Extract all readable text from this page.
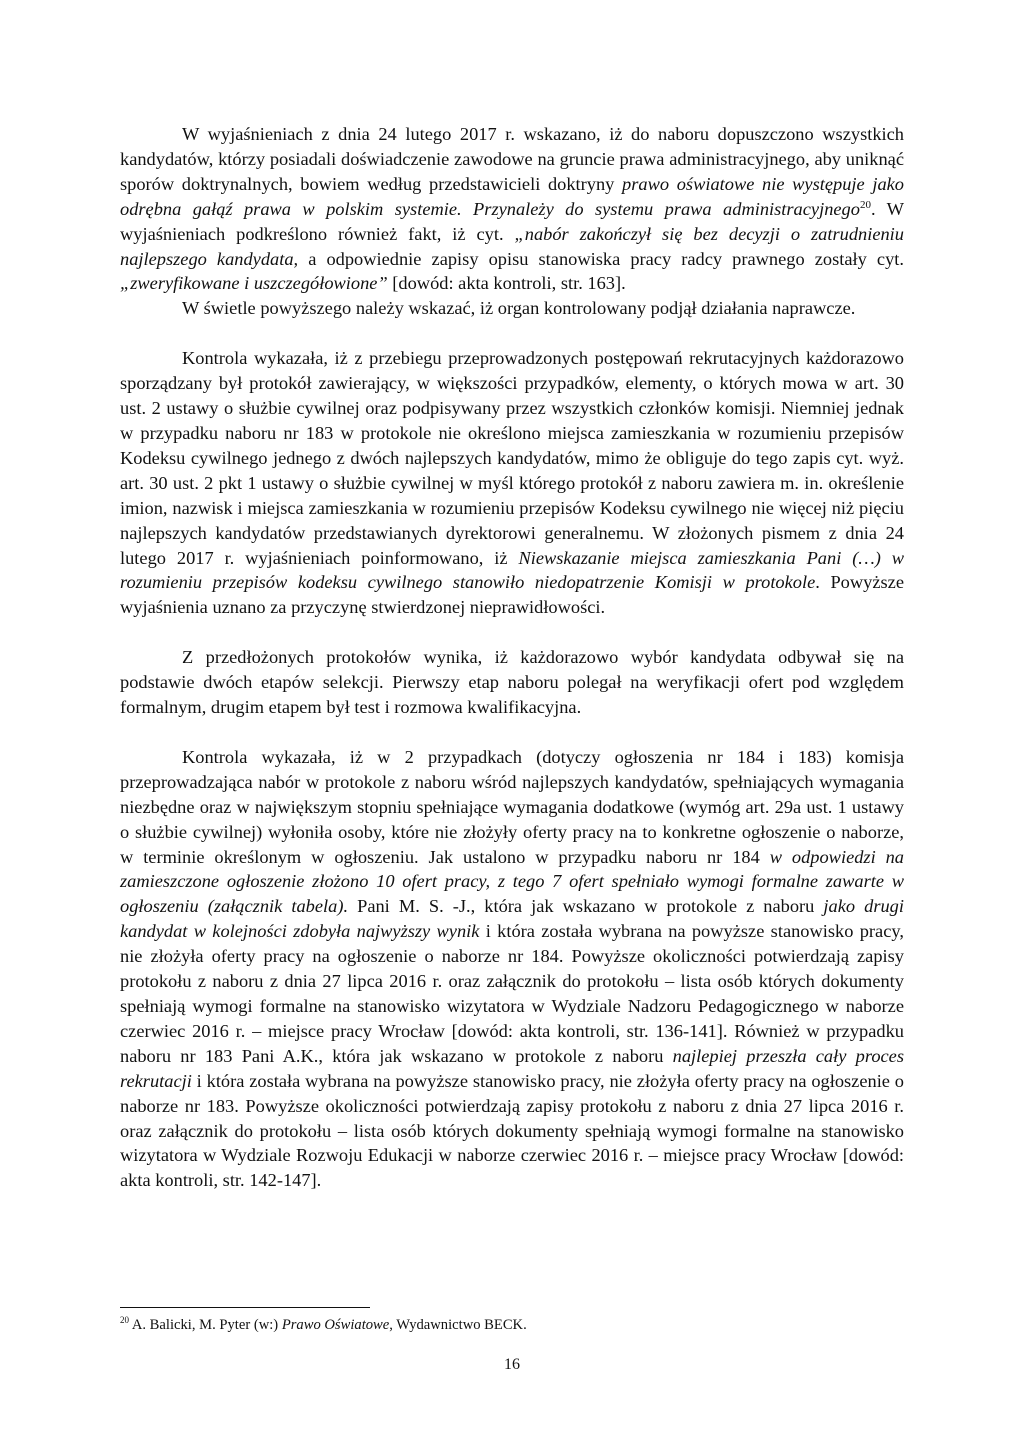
W wyjaśnieniach z dnia 24 lutego 2017 r. wskazano, iż do naboru dopuszczono wszystkich kandydatów, którzy posiadali doświadczenie zawodowe na gruncie prawa administracyjnego, aby uniknąć sporów doktrynalnych, bowiem według przedstawicieli doktryny prawo oświatowe nie występuje jako odrębna gałąź prawa w polskim systemie. Przynależy do systemu prawa administracyjnego$^{20}$. W wyjaśnieniach podkreślono również fakt, iż cyt. „nabór zakończył się bez decyzji o zatrudnieniu najlepszego kandydata, a odpowiednie zapisy opisu stanowiska pracy radcy prawnego zostały cyt. „zweryfikowane i uszczegółowione” [dowód: akta kontroli, str. 163].

W świetle powyższego należy wskazać, iż organ kontrolowany podjął działania naprawcze.

Kontrola wykazała, iż z przebiegu przeprowadzonych postępowań rekrutacyjnych każdorazowo sporządzany był protokół zawierający, w większości przypadków, elementy, o których mowa w art. 30 ust. 2 ustawy o służbie cywilnej oraz podpisywany przez wszystkich członków komisji. Niemniej jednak w przypadku naboru nr 183 w protokole nie określono miejsca zamieszkania w rozumieniu przepisów Kodeksu cywilnego jednego z dwóch najlepszych kandydatów, mimo że obliguje do tego zapis cyt. wyż. art. 30 ust. 2 pkt 1 ustawy o służbie cywilnej w myśl którego protokół z naboru zawiera m. in. określenie imion, nazwisk i miejsca zamieszkania w rozumieniu przepisów Kodeksu cywilnego nie więcej niż pięciu najlepszych kandydatów przedstawianych dyrektorowi generalnemu. W złożonych pismem z dnia 24 lutego 2017 r. wyjaśnieniach poinformowano, iż Niewskazanie miejsca zamieszkania Pani (…) w rozumieniu przepisów kodeksu cywilnego stanowiło niedopatrzenie Komisji w protokole. Powyższe wyjaśnienia uznano za przyczynę stwierdzonej nieprawidłowości.

Z przedłożonych protokołów wynika, iż każdorazowo wybór kandydata odbywał się na podstawie dwóch etapów selekcji. Pierwszy etap naboru polegał na weryfikacji ofert pod względem formalnym, drugim etapem był test i rozmowa kwalifikacyjna.

Kontrola wykazała, iż w 2 przypadkach (dotyczy ogłoszenia nr 184 i 183) komisja przeprowadzająca nabór w protokole z naboru wśród najlepszych kandydatów, spełniających wymagania niezbędne oraz w największym stopniu spełniające wymagania dodatkowe (wymóg art. 29a ust. 1 ustawy o służbie cywilnej) wyłoniła osoby, które nie złożyły oferty pracy na to konkretne ogłoszenie o naborze, w terminie określonym w ogłoszeniu. Jak ustalono w przypadku naboru nr 184 w odpowiedzi na zamieszczone ogłoszenie złożono 10 ofert pracy, z tego 7 ofert spełniało wymogi formalne zawarte w ogłoszeniu (załącznik tabela). Pani M. S. -J., która jak wskazano w protokole z naboru jako drugi kandydat w kolejności zdobyła najwyższy wynik i która została wybrana na powyższe stanowisko pracy, nie złożyła oferty pracy na ogłoszenie o naborze nr 184. Powyższe okoliczności potwierdzają zapisy protokołu z naboru z dnia 27 lipca 2016 r. oraz załącznik do protokołu – lista osób których dokumenty spełniają wymogi formalne na stanowisko wizytatora w Wydziale Nadzoru Pedagogicznego w naborze czerwiec 2016 r. – miejsce pracy Wrocław [dowód: akta kontroli, str. 136-141]. Również w przypadku naboru nr 183 Pani A.K., która jak wskazano w protokole z naboru najlepiej przeszła cały proces rekrutacji i która została wybrana na powyższe stanowisko pracy, nie złożyła oferty pracy na ogłoszenie o naborze nr 183. Powyższe okoliczności potwierdzają zapisy protokołu z naboru z dnia 27 lipca 2016 r. oraz załącznik do protokołu – lista osób których dokumenty spełniają wymogi formalne na stanowisko wizytatora w Wydziale Rozwoju Edukacji w naborze czerwiec 2016 r. – miejsce pracy Wrocław [dowód: akta kontroli, str. 142-147].

$^{20}$ A. Balicki, M. Pyter (w:) Prawo Oświatowe, Wydawnictwo BECK.

16
